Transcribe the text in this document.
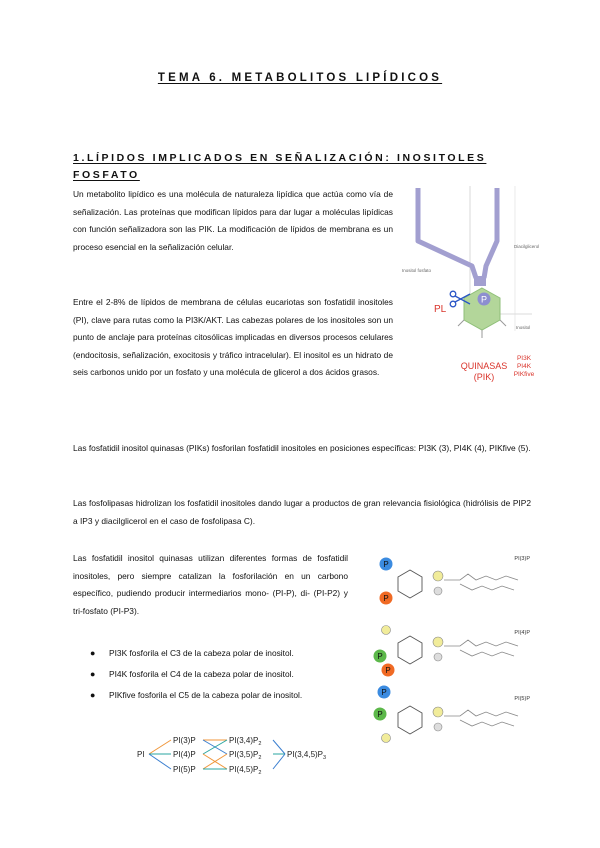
TEMA 6. METABOLITOS LIPÍDICOS
1.LÍPIDOS IMPLICADOS EN SEÑALIZACIÓN: INOSITOLES FOSFATO

Un metabolito lipídico es una molécula de naturaleza lipídica que actúa como vía de señalización. Las proteínas que modifican lípidos para dar lugar a moléculas lipídicas con función señalizadora son las PIK. La modificación de lípidos de membrana es un proceso esencial en la señalización celular.

Entre el 2-8% de lípidos de membrana de células eucariotas son fosfatidil inositoles (PI), clave para rutas como la PI3K/AKT. Las cabezas polares de los inositoles son un punto de anclaje para proteínas citosólicas implicadas en diversos procesos celulares (endocitosis, señalización, exocitosis y tráfico intracelular). El inositol es un hidrato de seis carbonos unido por un fosfato y una molécula de glicerol a dos ácidos grasos.

Las fosfatidil inositol quinasas (PIKs) fosforilan fosfatidil inositoles en posiciones específicas: PI3K (3), PI4K (4), PIKfive (5).

Las fosfolipasas hidrolizan los fosfatidil inositoles dando lugar a productos de gran relevancia fisiológica (hidrólisis de PIP2 a IP3 y diacilglicerol en el caso de fosfolipasa C).

Las fosfatidil inositol quinasas utilizan diferentes formas de fosfatidil inositoles, pero siempre catalizan la fosforilación en un carbono específico, pudiendo producir intermediarios mono- (PI-P), di- (PI-P2) y tri-fosfato (PI-P3).

● PI3K fosforila el C3 de la cabeza polar de inositol.
● PI4K fosforila el C4 de la cabeza polar de inositol.
● PIKfive fosforila el C5 de la cabeza polar de inositol.
P
PL
Diacilglicerol
Inositol fosfato
Inositol
QUINASAS
(PIK)
PI3K
PI4K
PIKfive
P
P
PI(3)P
P
P
PI(4)P
P
P
PI(5)P
PI
PI(3)P
PI(4)P
PI(5)P
$PI(3,4)P_2$
$PI(3,5)P_2$
$PI(4,5)P_2$
$PI(3,4,5)P_3$
